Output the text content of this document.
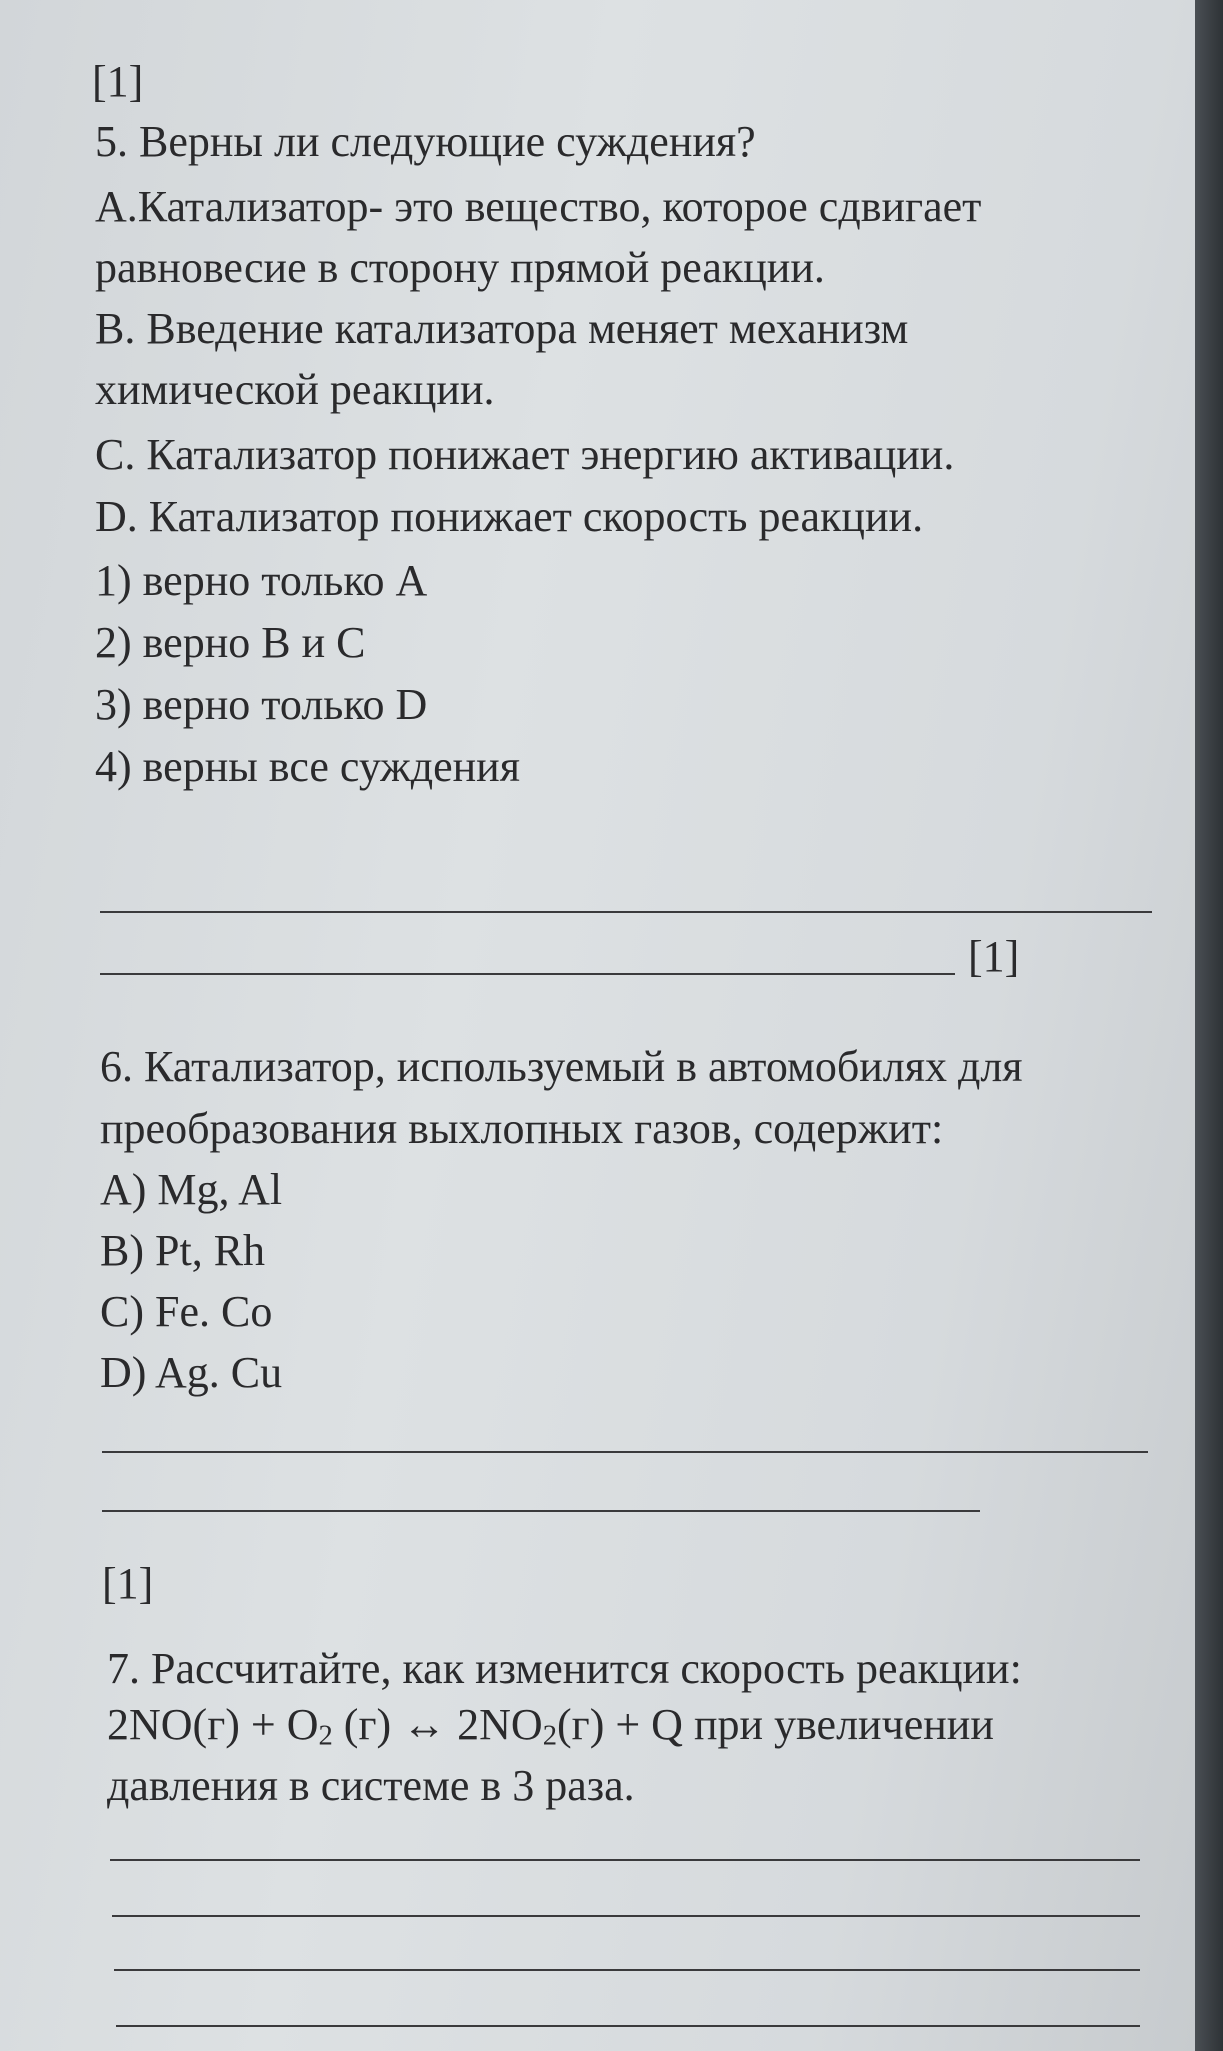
[1]
5. Верны ли следующие суждения?
А.Катализатор- это вещество, которое сдвигает
равновесие в сторону прямой реакции.
В. Введение катализатора меняет механизм
химической реакции.
С. Катализатор понижает энергию активации.
D. Катализатор понижает скорость реакции.
1) верно только А
2) верно В и С
3) верно только D
4) верны все суждения
[1]
6. Катализатор, используемый в автомобилях для
преобразования выхлопных газов, содержит:
A) Mg, Al
B) Pt, Rh
C) Fe. Co
D) Ag. Cu
[1]
7. Рассчитайте, как изменится скорость реакции:
$2NO(г) + O_2$ (г) ↔ $2NO_2(г) + Q$ при увеличении
давления в системе в 3 раза.
